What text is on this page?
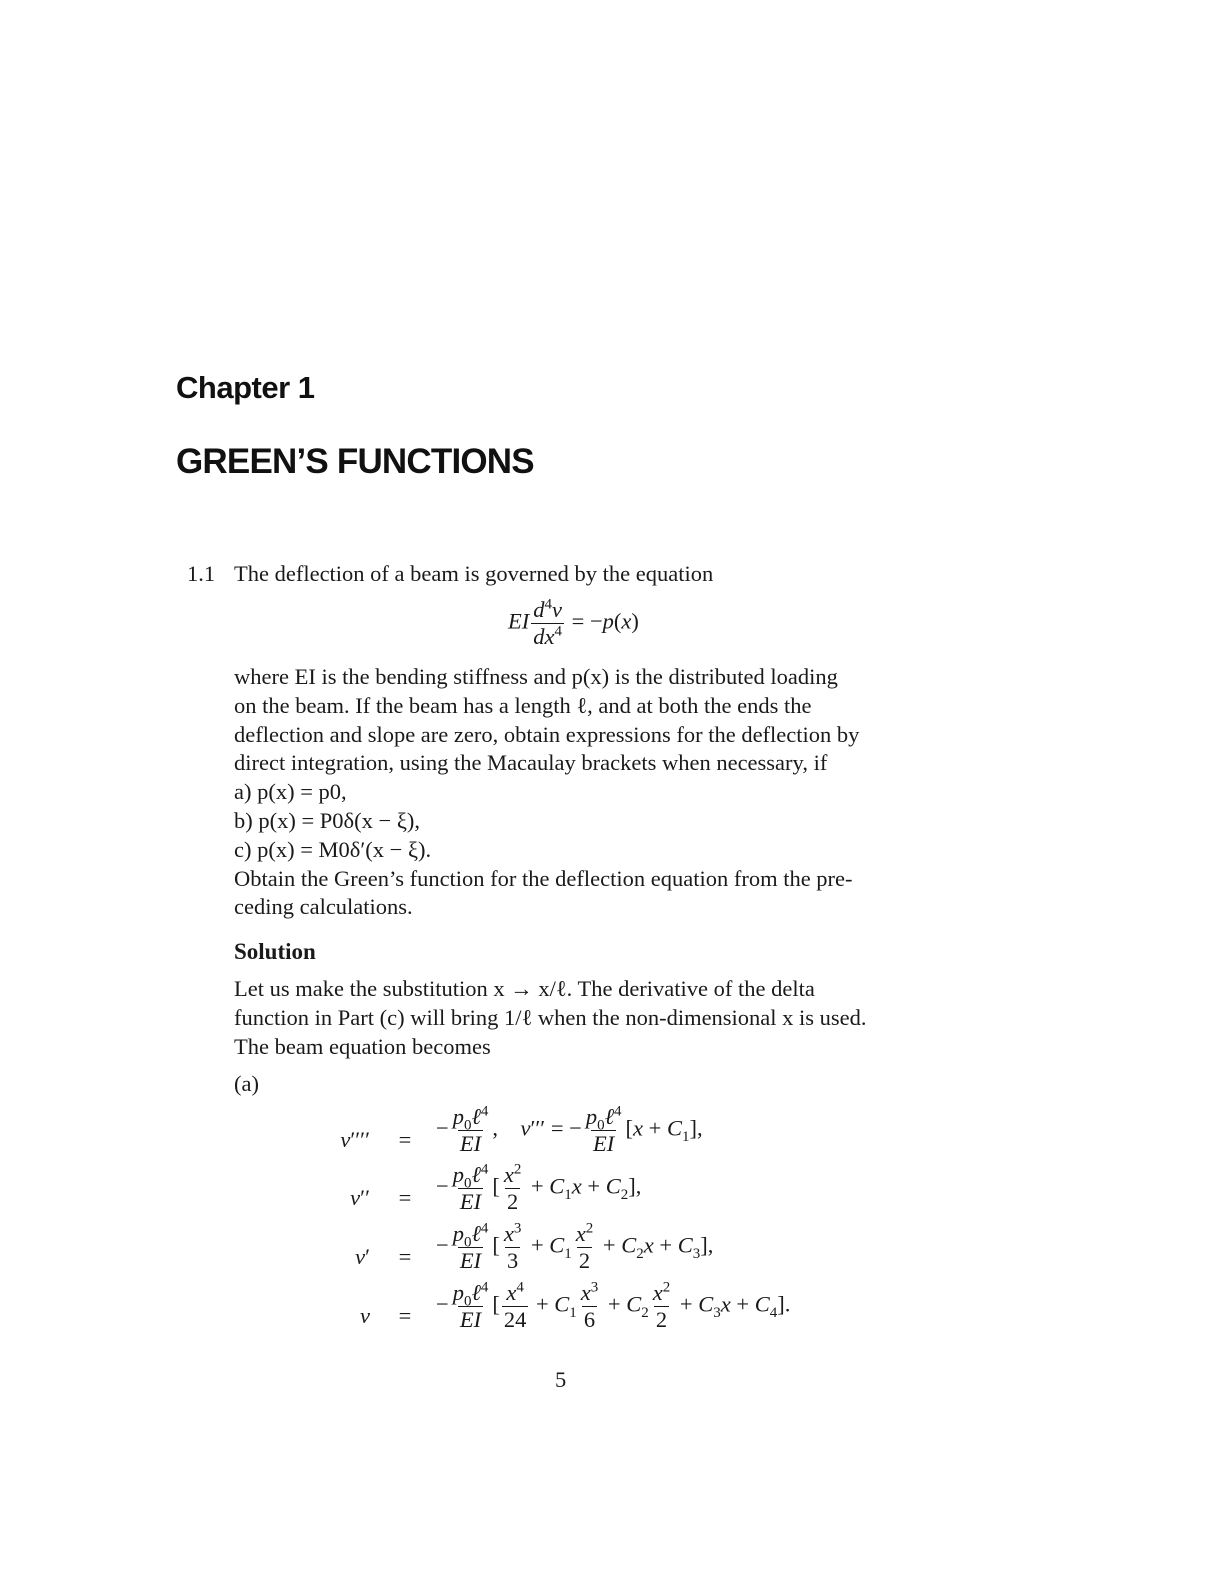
Chapter 1
GREEN’S FUNCTIONS
1.1 The deflection of a beam is governed by the equation
EI $\frac{d^4v}{dx^4} = -p(x)$
where EI is the bending stiffness and p(x) is the distributed loading
on the beam. If the beam has a length ℓ, and at both the ends the
deflection and slope are zero, obtain expressions for the deflection by
direct integration, using the Macaulay brackets when necessary, if
a) p(x) = p0,
b) p(x) = P0δ(x − ξ),
c) p(x) = M0δ′(x − ξ).
Obtain the Green’s function for the deflection equation from the pre-
ceding calculations.
Solution
Let us make the substitution x → x/ℓ. The derivative of the delta
function in Part (c) will bring 1/ℓ when the non-dimensional x is used.
The beam equation becomes
(a)
v′′′′	=	− $\frac{p_0\ell^4}{EI}$ ,    v′′′ = − $\frac{p_0\ell^4}{EI} [x + C_1]$,
v′′	=	− $\frac{p_0\ell^4}{EI}$ [ $\frac{x^2}{2} + C_1x + C_2$],
v′	=	− $\frac{p_0\ell^4}{EI}$ [ $\frac{x^3}{3} + C_1 \frac{x^2}{2} + C_2x + C_3$],
v	=	− $\frac{p_0\ell^4}{EI}$ [ $\frac{x^4}{24} + C_1 \frac{x^3}{6} + C_2 \frac{x^2}{2} + C_3x + C_4$].
5
